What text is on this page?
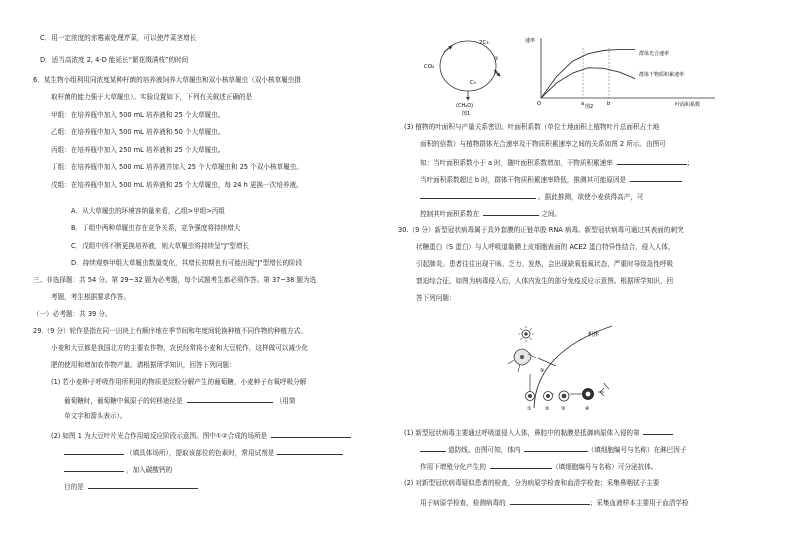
C．用一定浓度的赤霉素处理芹菜，可以使芹菜茎增长
D．适当高浓度 2, 4-D 能延长“繁花缀满枝”的时间
6．某生物小组利用同浓度某种杆菌的培养液饲养大草履虫和双小核草履虫（双小核草履虫摄
取杆菌的能力强于大草履虫）。实验设置如下，下列有关叙述正确的是
甲组：在培养瓶中加入 500 mL 培养液和 25 个大草履虫。
乙组：在培养瓶中加入 500 mL 培养液和 50 个大草履虫。
丙组：在培养瓶中加入 250 mL 培养液和 25 个大草履虫。
丁组：在培养瓶中加入 500 mL 培养液并加入 25 个大草履虫和 25 个双小核草履虫。
戊组：在培养瓶中加入 500 mL 培养液和 25 个大草履虫，每 24 h 更换一次培养液。
A．从大草履虫的环境容纳量来看，乙组>甲组>丙组
B．丁组中两种草履虫存在竞争关系，竞争强度将持续增大
C．戊组中因不断更换培养液，则大草履虫将持续呈“J”型增长
D．持续观察甲组大草履虫数量变化，其增长初期也有可能出现“J”型增长的阶段
三、非选择题：共 54 分。第 29~32 题为必考题，每个试题考生都必须作答。第 37~38 题为选
考题，考生根据要求作答。
（一）必考题：共 39 分。
29.（9 分）轮作是指在同一田块上有顺序地在季节间和年度间轮换种植不同作物的种植方式。
小麦和大豆都是我国北方的主要农作物，农民经常将小麦和大豆轮作，这样做可以减少化
肥的使用和增加农作物产量。请根据所学知识，回答下列问题：
(1) 若小麦种子呼吸作用所利用的物质是淀粉分解产生的葡萄糖，小麦种子有氧呼吸分解
葡萄糖时，葡萄糖中氧原子的转移途径是	（用简
单文字和箭头表示）。
(2) 如图 1 为大豆叶片光合作用暗反应阶段示意图。图中①②合成的场所是
（填具体场所），提取该部位的色素时，常用试剂是
，加入碳酸钙的
目的是
2C₃
CO₂
C₅
(CH₂O)
①
②
图1
速率
O	叶面积系数
a	b
群体光合速率
群体干物质积累速率
图2
(3) 植物的叶面积与产量关系密切。叶面积系数（单位土地面积上植物叶片总面积占土地
面积的倍数）与植物群体光合速率及干物质积累速率之间的关系如图 2 所示。由图可
知：当叶面积系数小于 a 时，随叶面积系数增加，干物质积累速率	；
当叶面积系数超过 b 时，群体干物质积累速率降低，推测其可能原因是
。据此推测，欲使小麦获得高产，可
控制其叶面积系数在	之间。
30.（9 分）新型冠状病毒属于具外套膜的正链单股 RNA 病毒。新型冠状病毒可通过其表面的刺突
状糖蛋白（S 蛋白）与人呼吸道黏膜上皮细胞表面的 ACE2 蛋白特异性结合，侵入人体，
引起肺炎。患者往往出现干咳、乏力、发热，会出现缺氧低氧状态，严重时导致急性呼吸
窘迫综合征。如图为病毒侵入后，人体内发生的部分免疫反应示意图。根据所学知识，回
答下列问题：
(1) 新型冠状病毒主要通过呼吸道侵入人体，鼻腔中的黏膜是抵御病原体入侵的第
道防线。由图可知，体内	（填细胞编号与名称）在淋巴因子
作用下增殖分化产生的	（填细胞编号与名称）可分泌抗体。
(2) 对新型冠状病毒疑似患者的检查，分为病原学检查和血清学检查；采集鼻咽拭子主要
用于病原学检查，检测病毒的	；采集血液样本主要用于血清学检
机体
①	② ③	④
⑤
